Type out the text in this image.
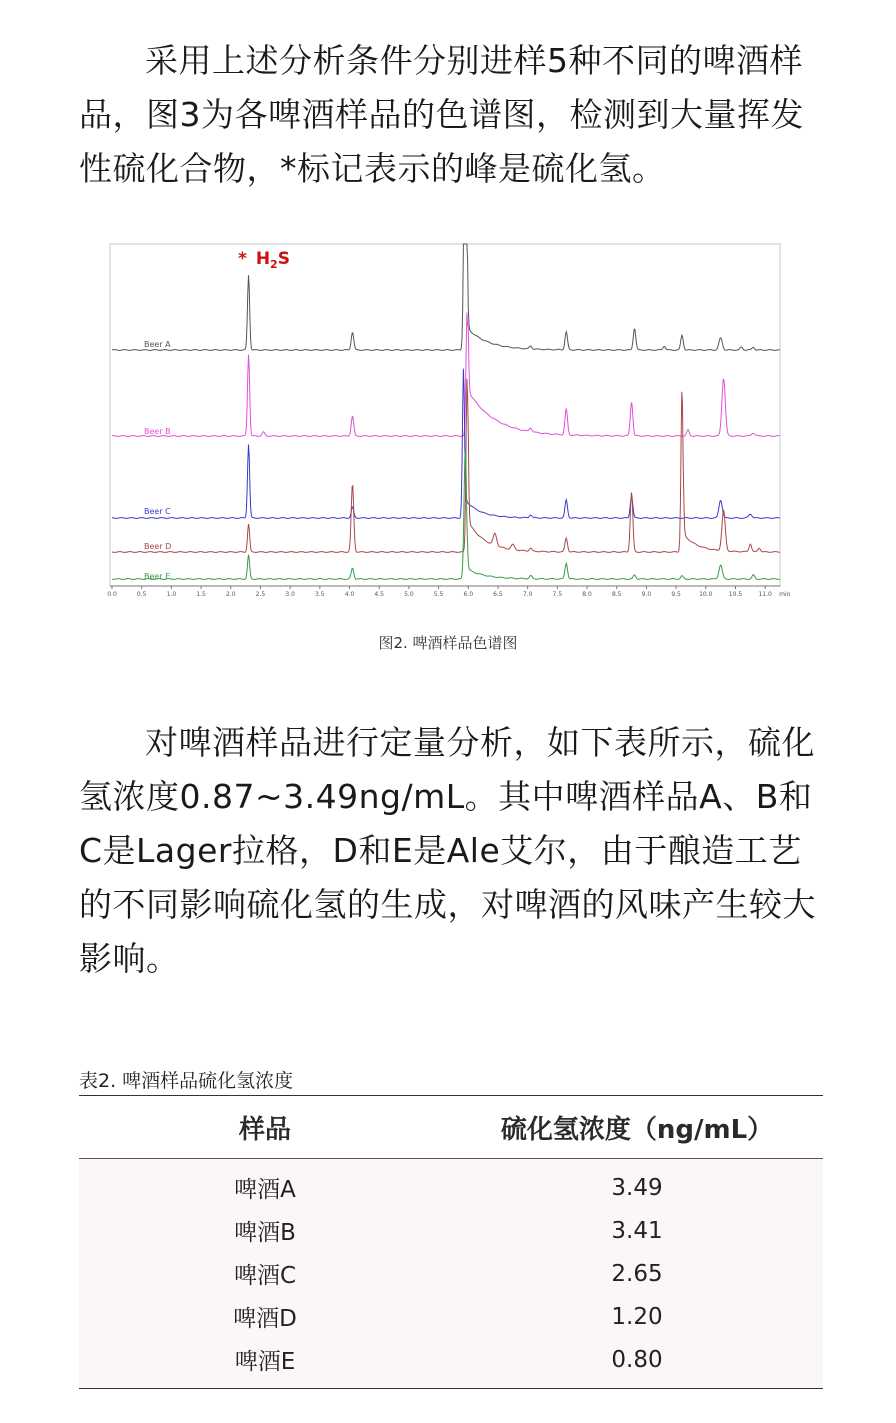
采用上述分析条件分别进样5种不同的啤酒样品，图3为各啤酒样品的色谱图，检测到大量挥发性硫化合物，*标记表示的峰是硫化氢。

Beer A
Beer B
Beer C
Beer D
Beer E
0.0	0.5	1.0	1.5	2.0	2.5	3.0	3.5	4.0	4.5	5.0	5.5	6.0	6.5	7.0	7.5	8.0	8.5	9.0	9.5	10.0	10.5	11.0 min
* $H_2S$
图2. 啤酒样品色谱图

对啤酒样品进行定量分析，如下表所示，硫化氢浓度0.87~3.49ng/mL。其中啤酒样品A、B和C是Lager拉格，D和E是Ale艾尔，由于酿造工艺的不同影响硫化氢的生成，对啤酒的风味产生较大影响。

表2. 啤酒样品硫化氢浓度
样品	硫化氢浓度（ng/mL）
啤酒A	3.49
啤酒B	3.41
啤酒C	2.65
啤酒D	1.20
啤酒E	0.80
